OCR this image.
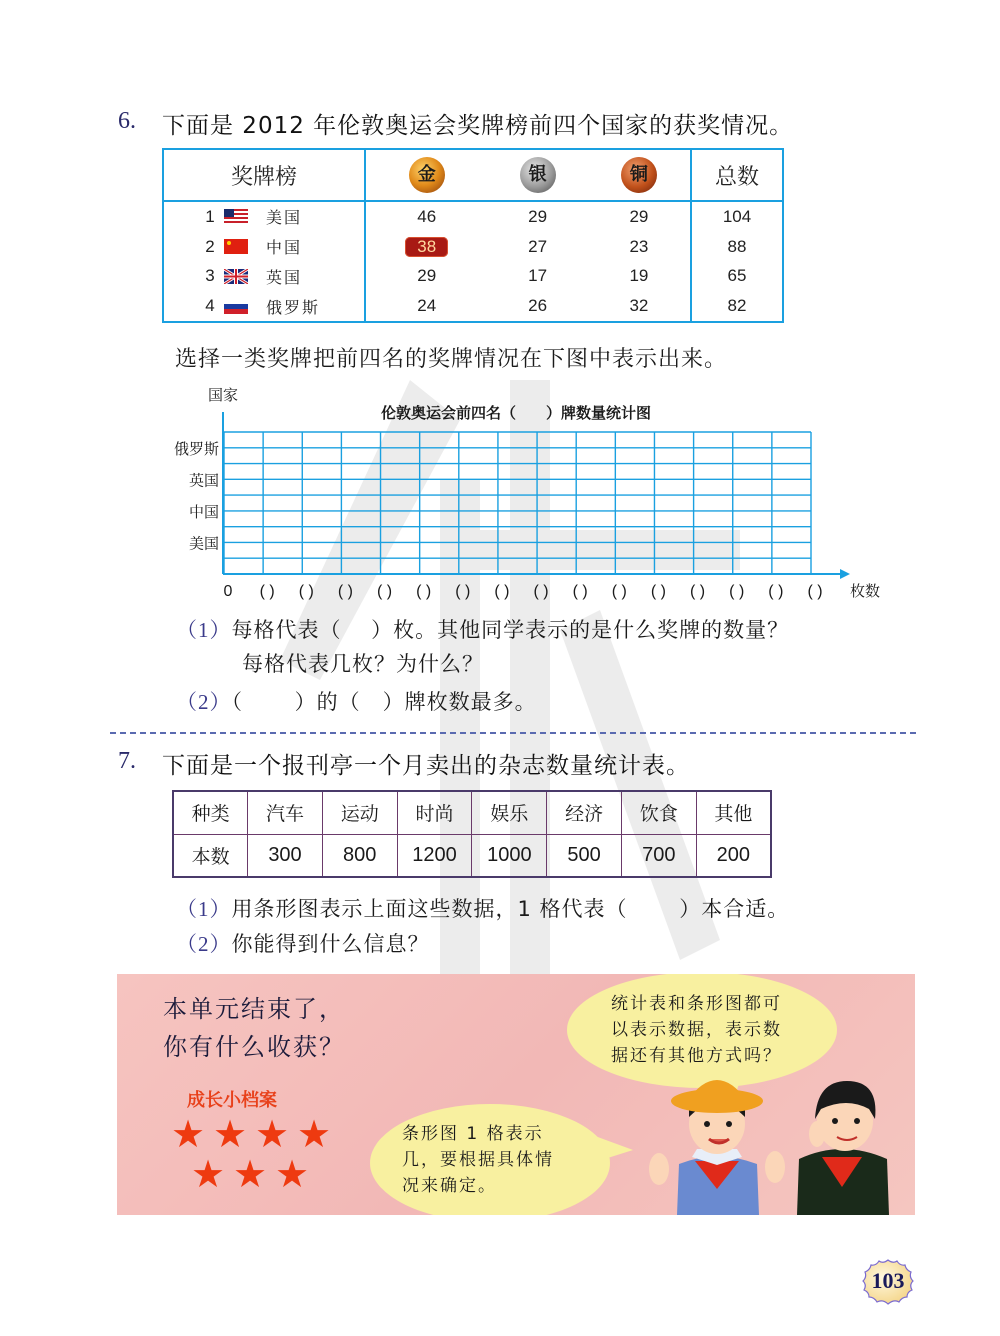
6. 下面是 2012 年伦敦奥运会奖牌榜前四个国家的获奖情况。
奖牌榜	金	银	铜	总数

1 美国	46	29	29	104

2 中国	38	27	23	88

3 英国	29	17	19	65

4 俄罗斯	24	26	32	82
选择一类奖牌把前四名的奖牌情况在下图中表示出来。
国家
伦敦奥运会前四名（　　）牌数量统计图
俄罗斯
英国
中国
美国
0 ( ) ( ) ( ) ( ) ( ) ( ) ( ) ( ) ( ) ( ) ( ) ( ) ( ) ( ) ( ) 枚数
（1）每格代表（　 ）枚。其他同学表示的是什么奖牌的数量？
每格代表几枚？为什么？
（2）（　　 ）的（　）牌枚数最多。
7. 下面是一个报刊亭一个月卖出的杂志数量统计表。
种类	汽车	运动	时尚	娱乐	经济	饮食	其他
本数	300	800	1200	1000	500	700	200
（1）用条形图表示上面这些数据，1 格代表（　　 ）本合适。
（2）你能得到什么信息？
本单元结束了，
你有什么收获？
成长小档案
★ ★ ★ ★
★ ★ ★
统计表和条形图都可
以表示数据，表示数
据还有其他方式吗？
条形图 1 格表示
几，要根据具体情
况来确定。
103
